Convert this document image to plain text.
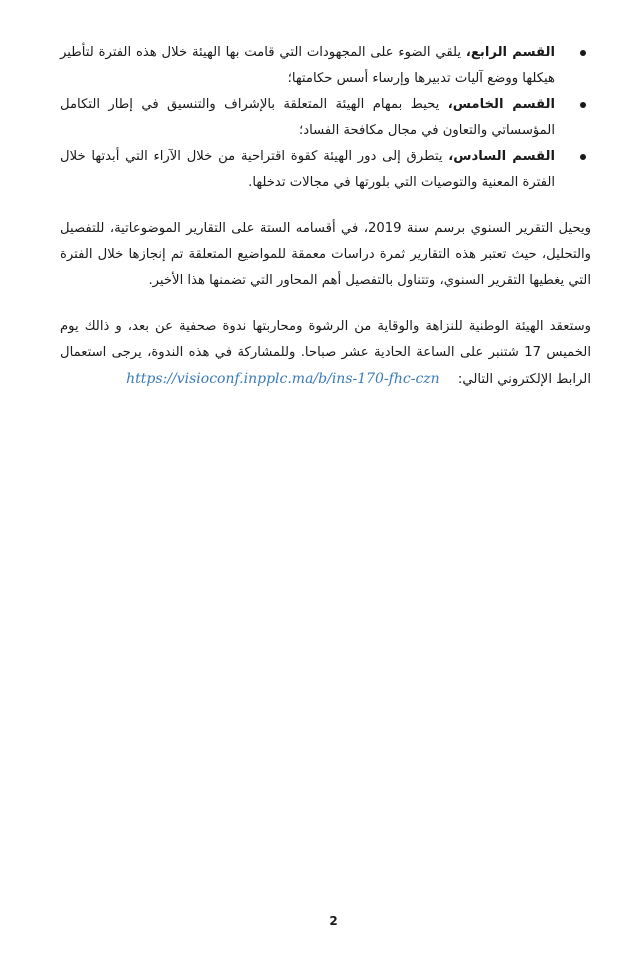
القسم الرابع، يلقي الضوء على المجهودات التي قامت بها الهيئة خلال هذه الفترة لتأطير هيكلها ووضع آليات تدبيرها وإرساء أسس حكامتها؛
القسم الخامس، يحيط بمهام الهيئة المتعلقة بالإشراف والتنسيق في إطار التكامل المؤسساتي والتعاون في مجال مكافحة الفساد؛
القسم السادس، يتطرق إلى دور الهيئة كقوة اقتراحية من خلال الآراء التي أبدتها خلال الفترة المعنية والتوصيات التي بلورتها في مجالات تدخلها.

ويحيل التقرير السنوي برسم سنة 2019، في أقسامه الستة على التقارير الموضوعاتية، للتفصيل والتحليل، حيث تعتبر هذه التقارير ثمرة دراسات معمقة للمواضيع المتعلقة تم إنجازها خلال الفترة التي يغطيها التقرير السنوي، وتتناول بالتفصيل أهم المحاور التي تضمنها هذا الأخير.

وستعقد الهيئة الوطنية للنزاهة والوقاية من الرشوة ومحاربتها ندوة صحفية عن بعد، و ذالك يوم الخميس 17 شتنبر على الساعة الحادية عشر صباحا. وللمشاركة في هذه الندوة، يرجى استعمال الرابط الإلكتروني التالي: https://visioconf.inpplc.ma/b/ins-170-fhc-czn

2
